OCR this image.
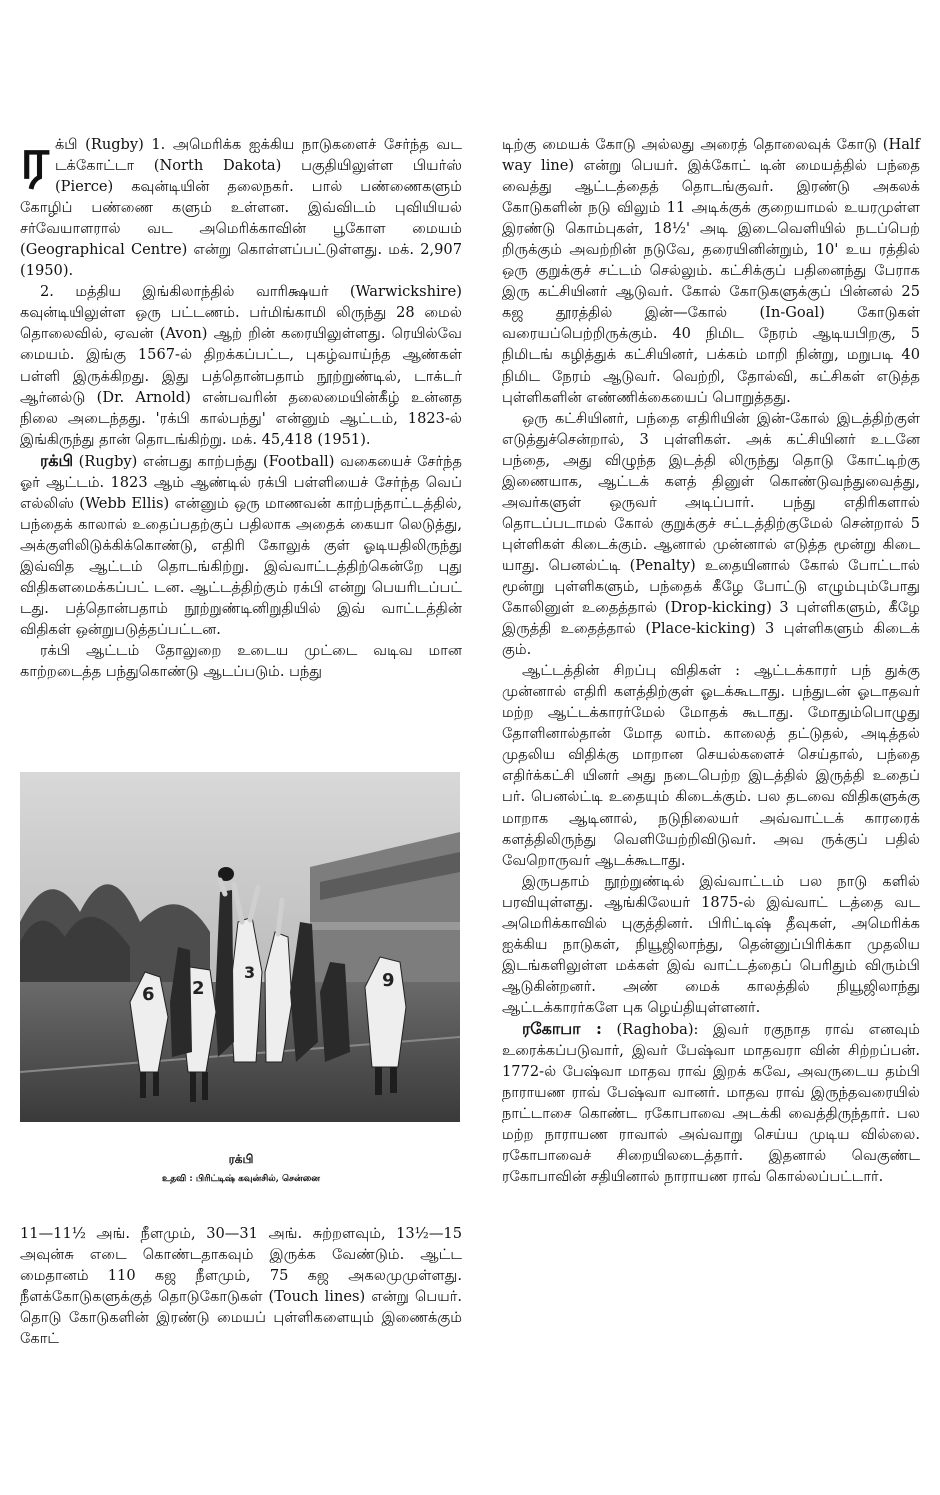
ரக்பி (Rugby) 1. அமெரிக்க ஐக்கிய நாடுகளைச் சேர்ந்த வட டக்கோட்டா (North Dakota) பகுதியிலுள்ள பியர்ஸ் (Pierce) கவுன்டியின் தலைநகர். பால் பண்ணைகளும் கோழிப் பண்ணை களும் உள்ளன. இவ்விடம் புவியியல் சர்வேயாளரால் வட அமெரிக்காவின் பூகோள மையம் (Geographical Centre) என்று கொள்ளப்பட்டுள்ளது. மக். 2,907 (1950).

2. மத்திய இங்கிலாந்தில் வாரிக்ஷயர் (Warwickshire) கவுன்டியிலுள்ள ஒரு பட்டணம். பர்மிங்காமி லிருந்து 28 மைல் தொலைவில், ஏவன் (Avon) ஆற் றின் கரையிலுள்ளது. ரெயில்வே மையம். இங்கு 1567-ல் திறக்கப்பட்ட, புகழ்வாய்ந்த ஆண்கள் பள்ளி இருக்கிறது. இது பத்தொன்பதாம் நூற்றுண்டில், டாக்டர் ஆர்னல்டு (Dr. Arnold) என்பவரின் தலைமையின்கீழ் உன்னத நிலை அடைந்தது. 'ரக்பி கால்பந்து' என்னும் ஆட்டம், 1823-ல் இங்கிருந்து தான் தொடங்கிற்று. மக். 45,418 (1951).

ரக்பி (Rugby) என்பது காற்பந்து (Football) வகையைச் சேர்ந்த ஓர் ஆட்டம். 1823 ஆம் ஆண்டில் ரக்பி பள்ளியைச் சேர்ந்த வெப் எல்லிஸ் (Webb Ellis) என்னும் ஒரு மாணவன் காற்பந்தாட்டத்தில், பந்தைக் காலால் உதைப்பதற்குப் பதிலாக அதைக் கையா லெடுத்து, அக்குளிலிடுக்கிக்கொண்டு, எதிரி கோலுக் குள் ஓடியதிலிருந்து இவ்வித ஆட்டம் தொடங்கிற்று. இவ்வாட்டத்திற்கென்றே புது விதிகளமைக்கப்பட் டன. ஆட்டத்திற்கும் ரக்பி என்று பெயரிடப்பட் டது. பத்தொன்பதாம் நூற்றுண்டினிறுதியில் இவ் வாட்டத்தின் விதிகள் ஒன்றுபடுத்தப்பட்டன.

ரக்பி ஆட்டம் தோலுறை உடைய முட்டை வடிவ மான காற்றடைத்த பந்துகொண்டு ஆடப்படும். பந்து

6 2
3	9

ரக்பி

உதவி : பிரிட்டிஷ் கவுன்சில், சென்னை

11—11½ அங். நீளமும், 30—31 அங். சுற்றளவும், 13½—15 அவுன்சு எடை கொண்டதாகவும் இருக்க வேண்டும். ஆட்ட மைதானம் 110 கஜ நீளமும், 75 கஜ அகலமுமுள்ளது. நீளக்கோடுகளுக்குத் தொடுகோடுகள் (Touch lines) என்று பெயர். தொடு கோடுகளின் இரண்டு மையப் புள்ளிகளையும் இணைக்கும் கோட்

டிற்கு மையக் கோடு அல்லது அரைத் தொலைவுக் கோடு (Half way line) என்று பெயர். இக்கோட் டின் மையத்தில் பந்தை வைத்து ஆட்டத்தைத் தொடங்குவர். இரண்டு அகலக் கோடுகளின் நடு விலும் 11 அடிக்குக் குறையாமல் உயரமுள்ள இரண்டு கொம்புகள், 18½' அடி இடைவெளியில் நடப்பெற் றிருக்கும் அவற்றின் நடுவே, தரையினின்றும், 10' உய ரத்தில் ஒரு குறுக்குச் சட்டம் செல்லும். கட்சிக்குப் பதினைந்து பேராக இரு கட்சியினர் ஆடுவர். கோல் கோடுகளுக்குப் பின்னல் 25 கஜ தூரத்தில் இன்—கோல் (In-Goal) கோடுகள் வரையப்பெற்றிருக்கும். 40 நிமிட நேரம் ஆடியபிறகு, 5 நிமிடங் கழித்துக் கட்சியினர், பக்கம் மாறி நின்று, மறுபடி 40 நிமிட நேரம் ஆடுவர். வெற்றி, தோல்வி, கட்சிகள் எடுத்த புள்ளிகளின் எண்ணிக்கையைப் பொறுத்தது.

ஒரு கட்சியினர், பந்தை எதிரியின் இன்-கோல் இடத்திற்குள் எடுத்துச்சென்றால், 3 புள்ளிகள். அக் கட்சியினர் உடனே பந்தை, அது விழுந்த இடத்தி லிருந்து தொடு கோட்டிற்கு இணையாக, ஆட்டக் களத் தினுள் கொண்டுவந்துவைத்து, அவர்களுள் ஒருவர் அடிப்பார். பந்து எதிரிகளால் தொடப்படாமல் கோல் குறுக்குச் சட்டத்திற்குமேல் சென்றால் 5 புள்ளிகள் கிடைக்கும். ஆனால் முன்னால் எடுத்த மூன்று கிடை யாது. பெனல்ட்டி (Penalty) உதையினால் கோல் போட்டால் மூன்று புள்ளிகளும், பந்தைக் கீழே போட்டு எழும்பும்போது கோலினுள் உதைத்தால் (Drop-kicking) 3 புள்ளிகளும், கீழே இருத்தி உதைத்தால் (Place-kicking) 3 புள்ளிகளும் கிடைக் கும்.

ஆட்டத்தின் சிறப்பு விதிகள் : ஆட்டக்காரர் பந் துக்கு முன்னால் எதிரி களத்திற்குள் ஓடக்கூடாது. பந்துடன் ஓடாதவர் மற்ற ஆட்டக்காரர்மேல் மோதக் கூடாது. மோதும்பொழுது தோளினால்தான் மோத லாம். காலைத் தட்டுதல், அடித்தல் முதலிய விதிக்கு மாறான செயல்களைச் செய்தால், பந்தை எதிர்க்கட்சி யினர் அது நடைபெற்ற இடத்தில் இருத்தி உதைப் பர். பெனல்ட்டி உதையும் கிடைக்கும். பல தடவை விதிகளுக்கு மாறாக ஆடினால், நடுநிலையர் அவ்வாட்டக் காரரைக் களத்திலிருந்து வெளியேற்றிவிடுவர். அவ ருக்குப் பதில் வேறொருவர் ஆடக்கூடாது.

இருபதாம் நூற்றுண்டில் இவ்வாட்டம் பல நாடு களில் பரவியுள்ளது. ஆங்கிலேயர் 1875-ல் இவ்வாட் டத்தை வட அமெரிக்காவில் புகுத்தினர். பிரிட்டிஷ் தீவுகள், அமெரிக்க ஐக்கிய நாடுகள், நியூஜிலாந்து, தென்னுப்பிரிக்கா முதலிய இடங்களிலுள்ள மக்கள் இவ் வாட்டத்தைப் பெரிதும் விரும்பி ஆடுகின்றனர். அண் மைக் காலத்தில் நியூஜிலாந்து ஆட்டக்காரர்களே புக ழெய்தியுள்ளனர்.

ரகோபா : (Raghoba): இவர் ரகுநாத ராவ் எனவும் உரைக்கப்படுவார், இவர் பேஷ்வா மாதவரா வின் சிற்றப்பன். 1772-ல் பேஷ்வா மாதவ ராவ் இறக் கவே, அவருடைய தம்பி நாராயண ராவ் பேஷ்வா வானர். மாதவ ராவ் இருந்தவரையில் நாட்டாசை கொண்ட ரகோபாவை அடக்கி வைத்திருந்தார். பல மற்ற நாராயண ராவால் அவ்வாறு செய்ய முடிய வில்லை. ரகோபாவைச் சிறையிலடைத்தார். இதனால் வெகுண்ட ரகோபாவின் சதியினால் நாராயண ராவ் கொல்லப்பட்டார்.
